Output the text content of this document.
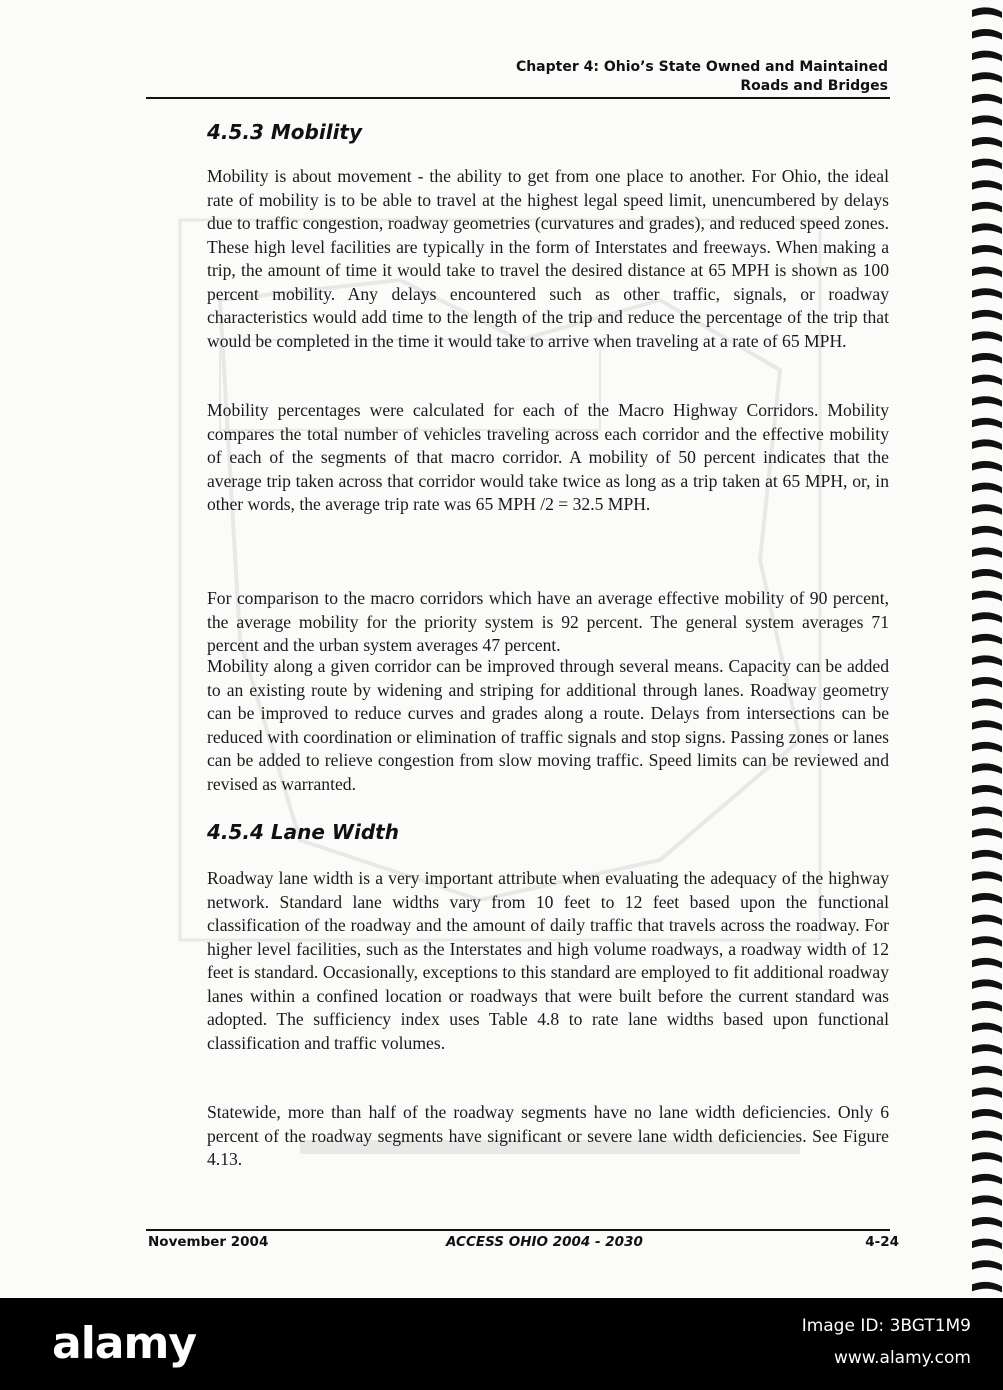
Chapter 4: Ohio’s State Owned and Maintained
Roads and Bridges
4.5.3 Mobility

Mobility is about movement - the ability to get from one place to another. For Ohio, the ideal rate of mobility is to be able to travel at the highest legal speed limit, unencumbered by delays due to traffic congestion, roadway geometries (curvatures and grades), and reduced speed zones. These high level facilities are typically in the form of Interstates and freeways. When making a trip, the amount of time it would take to travel the desired distance at 65 MPH is shown as 100 percent mobility. Any delays encountered such as other traffic, signals, or roadway characteristics would add time to the length of the trip and reduce the percentage of the trip that would be completed in the time it would take to arrive when traveling at a rate of 65 MPH.

Mobility percentages were calculated for each of the Macro Highway Corridors. Mobility compares the total number of vehicles traveling across each corridor and the effective mobility of each of the segments of that macro corridor. A mobility of 50 percent indicates that the average trip taken across that corridor would take twice as long as a trip taken at 65 MPH, or, in other words, the average trip rate was 65 MPH /2 = 32.5 MPH.

For comparison to the macro corridors which have an average effective mobility of 90 percent, the average mobility for the priority system is 92 percent. The general system averages 71 percent and the urban system averages 47 percent.

Mobility along a given corridor can be improved through several means. Capacity can be added to an existing route by widening and striping for additional through lanes. Roadway geometry can be improved to reduce curves and grades along a route. Delays from intersections can be reduced with coordination or elimination of traffic signals and stop signs. Passing zones or lanes can be added to relieve congestion from slow moving traffic. Speed limits can be reviewed and revised as warranted.

4.5.4 Lane Width

Roadway lane width is a very important attribute when evaluating the adequacy of the highway network. Standard lane widths vary from 10 feet to 12 feet based upon the functional classification of the roadway and the amount of daily traffic that travels across the roadway. For higher level facilities, such as the Interstates and high volume roadways, a roadway width of 12 feet is standard. Occasionally, exceptions to this standard are employed to fit additional roadway lanes within a confined location or roadways that were built before the current standard was adopted. The sufficiency index uses Table 4.8 to rate lane widths based upon functional classification and traffic volumes.

Statewide, more than half of the roadway segments have no lane width deficiencies. Only 6 percent of the roadway segments have significant or severe lane width deficiencies. See Figure 4.13.

November 2004	ACCESS OHIO 2004 - 2030	4-24
alamy	Image ID: 3BGT1M9
www.alamy.com
